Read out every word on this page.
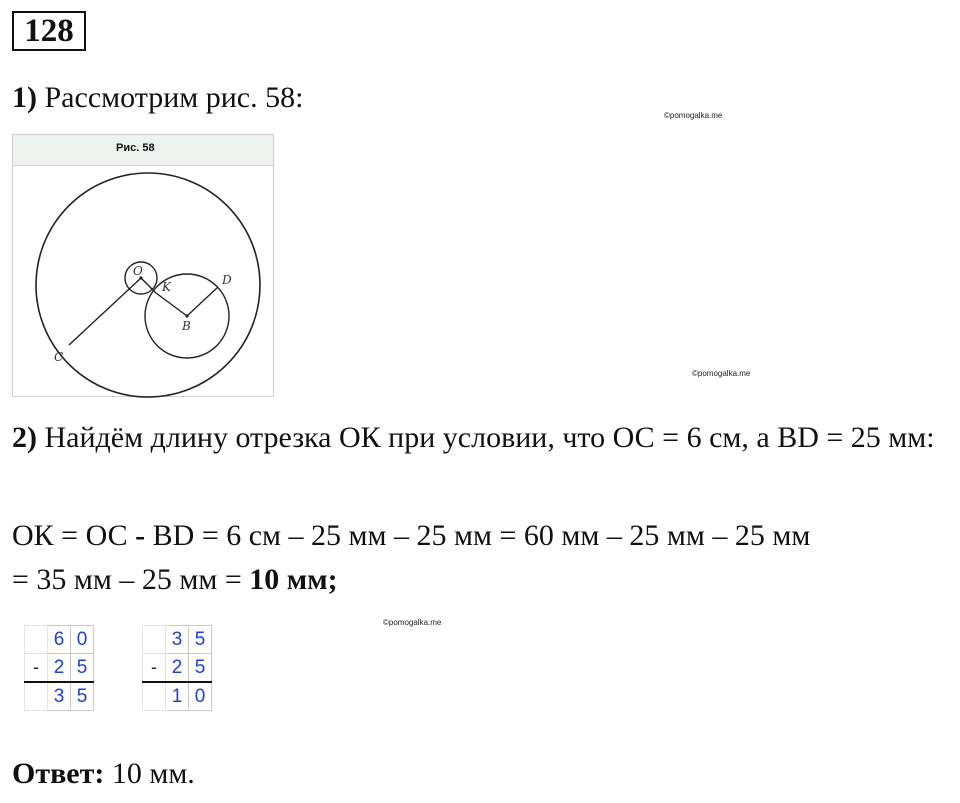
128
1) Рассмотрим рис. 58:
©pomogalka.me
©pomogalka.me
©pomogalka.me
Рис. 58
O
K	D
B
C
2) Найдём длину отрезка ОК при условии, что ОС = 6 см, а BD = 25 мм:
ОК = ОС - BD = 6 см – 25 мм – 25 мм = 60 мм – 25 мм – 25 мм
= 35 мм – 25 мм = 10 мм;
	6	0
-	2	5
	3	5
	3	5
-	2	5
	1	0
Ответ: 10 мм.
